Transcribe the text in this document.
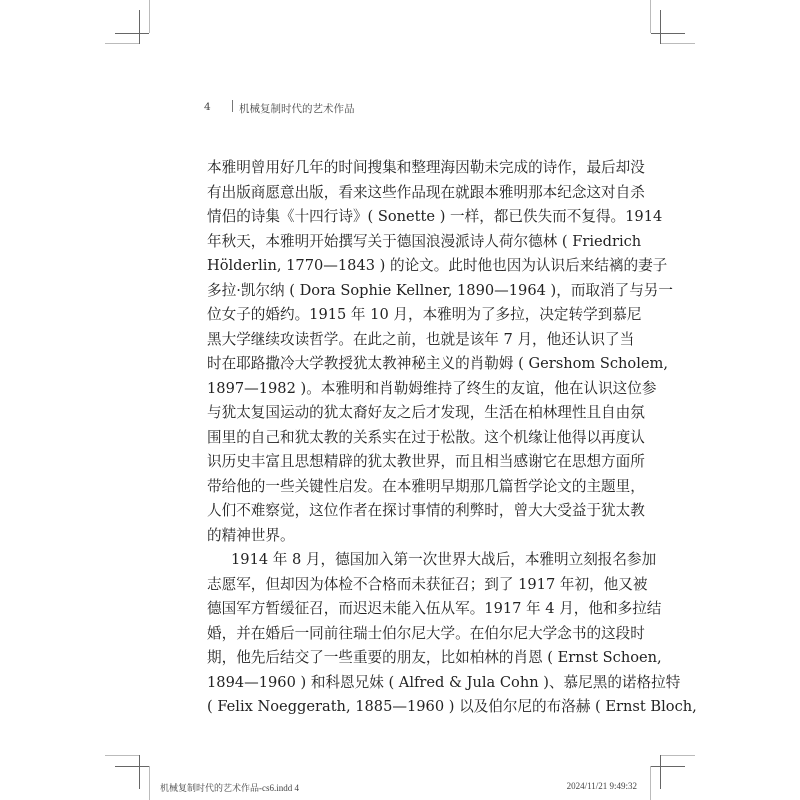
4	机械复制时代的艺术作品
本雅明曾用好几年的时间搜集和整理海因勒未完成的诗作，最后却没
有出版商愿意出版，看来这些作品现在就跟本雅明那本纪念这对自杀
情侣的诗集《十四行诗》( Sonette ) 一样，都已佚失而不复得。1914
年秋天，本雅明开始撰写关于德国浪漫派诗人荷尔德林 ( Friedrich
Hölderlin, 1770—1843 ) 的论文。此时他也因为认识后来结褵的妻子
多拉·凯尔纳 ( Dora Sophie Kellner, 1890—1964 )，而取消了与另一
位女子的婚约。1915 年 10 月，本雅明为了多拉，决定转学到慕尼
黑大学继续攻读哲学。在此之前，也就是该年 7 月，他还认识了当
时在耶路撒冷大学教授犹太教神秘主义的肖勒姆 ( Gershom Scholem,
1897—1982 )。本雅明和肖勒姆维持了终生的友谊，他在认识这位参
与犹太复国运动的犹太裔好友之后才发现，生活在柏林理性且自由氛
围里的自己和犹太教的关系实在过于松散。这个机缘让他得以再度认
识历史丰富且思想精辟的犹太教世界，而且相当感谢它在思想方面所
带给他的一些关键性启发。在本雅明早期那几篇哲学论文的主题里，
人们不难察觉，这位作者在探讨事情的利弊时，曾大大受益于犹太教
的精神世界。
1914 年 8 月，德国加入第一次世界大战后，本雅明立刻报名参加
志愿军，但却因为体检不合格而未获征召；到了 1917 年初，他又被
德国军方暂缓征召，而迟迟未能入伍从军。1917 年 4 月，他和多拉结
婚，并在婚后一同前往瑞士伯尔尼大学。在伯尔尼大学念书的这段时
期，他先后结交了一些重要的朋友，比如柏林的肖恩 ( Ernst Schoen,
1894—1960 ) 和科恩兄妹 ( Alfred & Jula Cohn )、慕尼黑的诺格拉特
( Felix Noeggerath, 1885—1960 ) 以及伯尔尼的布洛赫 ( Ernst Bloch,
机械复制时代的艺术作品-cs6.indd 4	2024/11/21 9:49:32
